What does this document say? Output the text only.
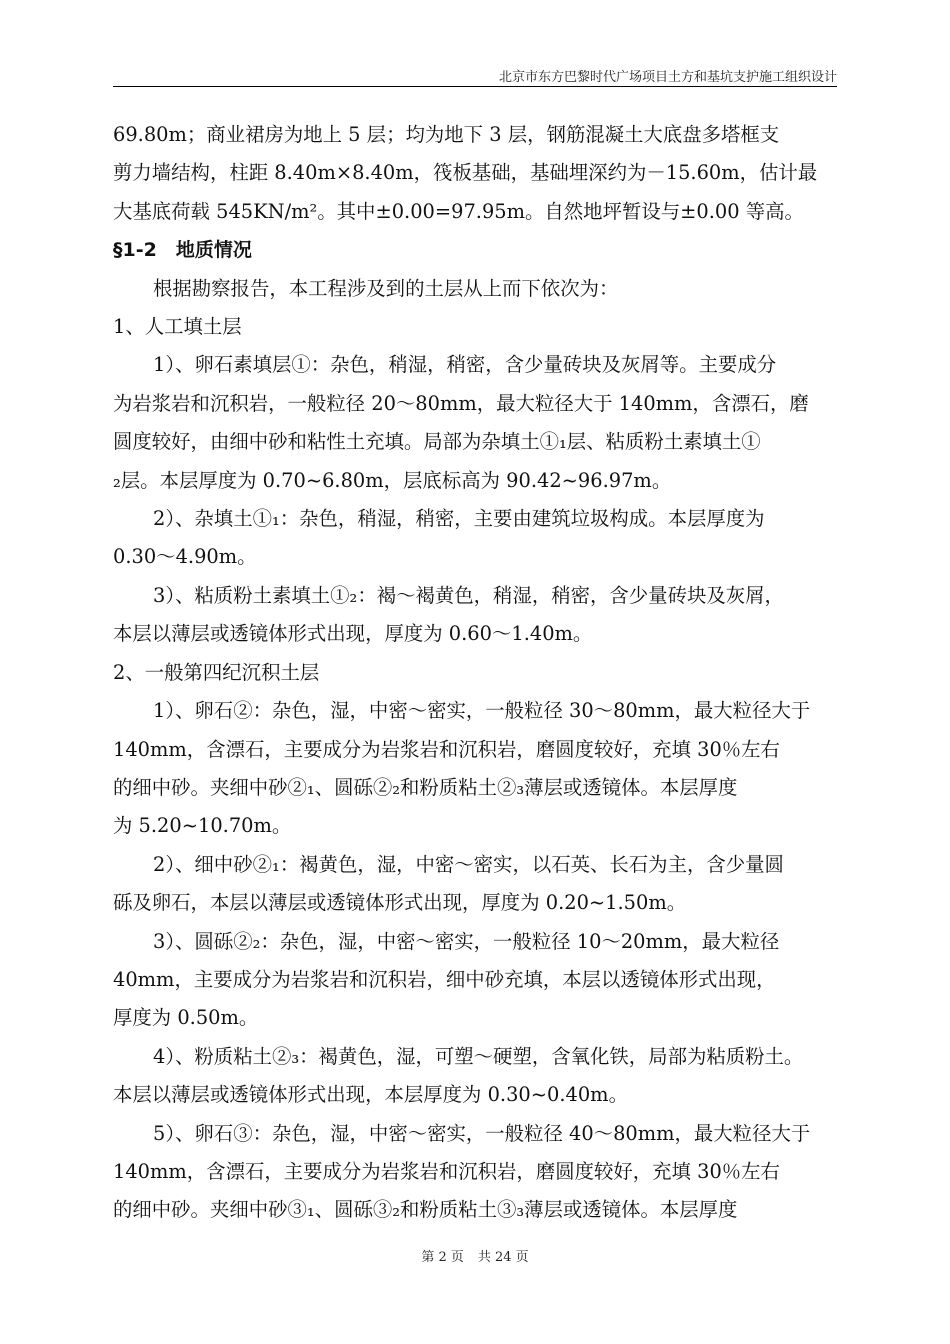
北京市东方巴黎时代广场项目土方和基坑支护施工组织设计

69.80m；商业裙房为地上 5 层；均为地下 3 层，钢筋混凝土大底盘多塔框支

剪力墙结构，柱距 8.40m×8.40m，筏板基础，基础埋深约为－15.60m，估计最

大基底荷载 545KN/m²。其中±0.00=97.95m。自然地坪暂设与±0.00 等高。

§1-2　地质情况

根据勘察报告，本工程涉及到的土层从上而下依次为：

1、人工填土层

1）、卵石素填层①：杂色，稍湿，稍密，含少量砖块及灰屑等。主要成分

为岩浆岩和沉积岩，一般粒径 20～80mm，最大粒径大于 140mm，含漂石，磨

圆度较好，由细中砂和粘性土充填。局部为杂填土①₁层、粘质粉土素填土①

₂层。本层厚度为 0.70~6.80m，层底标高为 90.42~96.97m。

2）、杂填土①₁：杂色，稍湿，稍密，主要由建筑垃圾构成。本层厚度为

0.30～4.90m。

3）、粘质粉土素填土①₂：褐～褐黄色，稍湿，稍密，含少量砖块及灰屑，

本层以薄层或透镜体形式出现，厚度为 0.60～1.40m。

2、一般第四纪沉积土层

1）、卵石②：杂色，湿，中密～密实，一般粒径 30～80mm，最大粒径大于

140mm，含漂石，主要成分为岩浆岩和沉积岩，磨圆度较好，充填 30％左右

的细中砂。夹细中砂②₁、圆砾②₂和粉质粘土②₃薄层或透镜体。本层厚度

为 5.20~10.70m。

2）、细中砂②₁：褐黄色，湿，中密～密实，以石英、长石为主，含少量圆

砾及卵石，本层以薄层或透镜体形式出现，厚度为 0.20~1.50m。

3）、圆砾②₂：杂色，湿，中密～密实，一般粒径 10～20mm，最大粒径

40mm，主要成分为岩浆岩和沉积岩，细中砂充填，本层以透镜体形式出现，

厚度为 0.50m。

4）、粉质粘土②₃：褐黄色，湿，可塑～硬塑，含氧化铁，局部为粘质粉土。

本层以薄层或透镜体形式出现，本层厚度为 0.30~0.40m。

5）、卵石③：杂色，湿，中密～密实，一般粒径 40～80mm，最大粒径大于

140mm，含漂石，主要成分为岩浆岩和沉积岩，磨圆度较好，充填 30％左右

的细中砂。夹细中砂③₁、圆砾③₂和粉质粘土③₃薄层或透镜体。本层厚度

第 2 页 共 24 页
